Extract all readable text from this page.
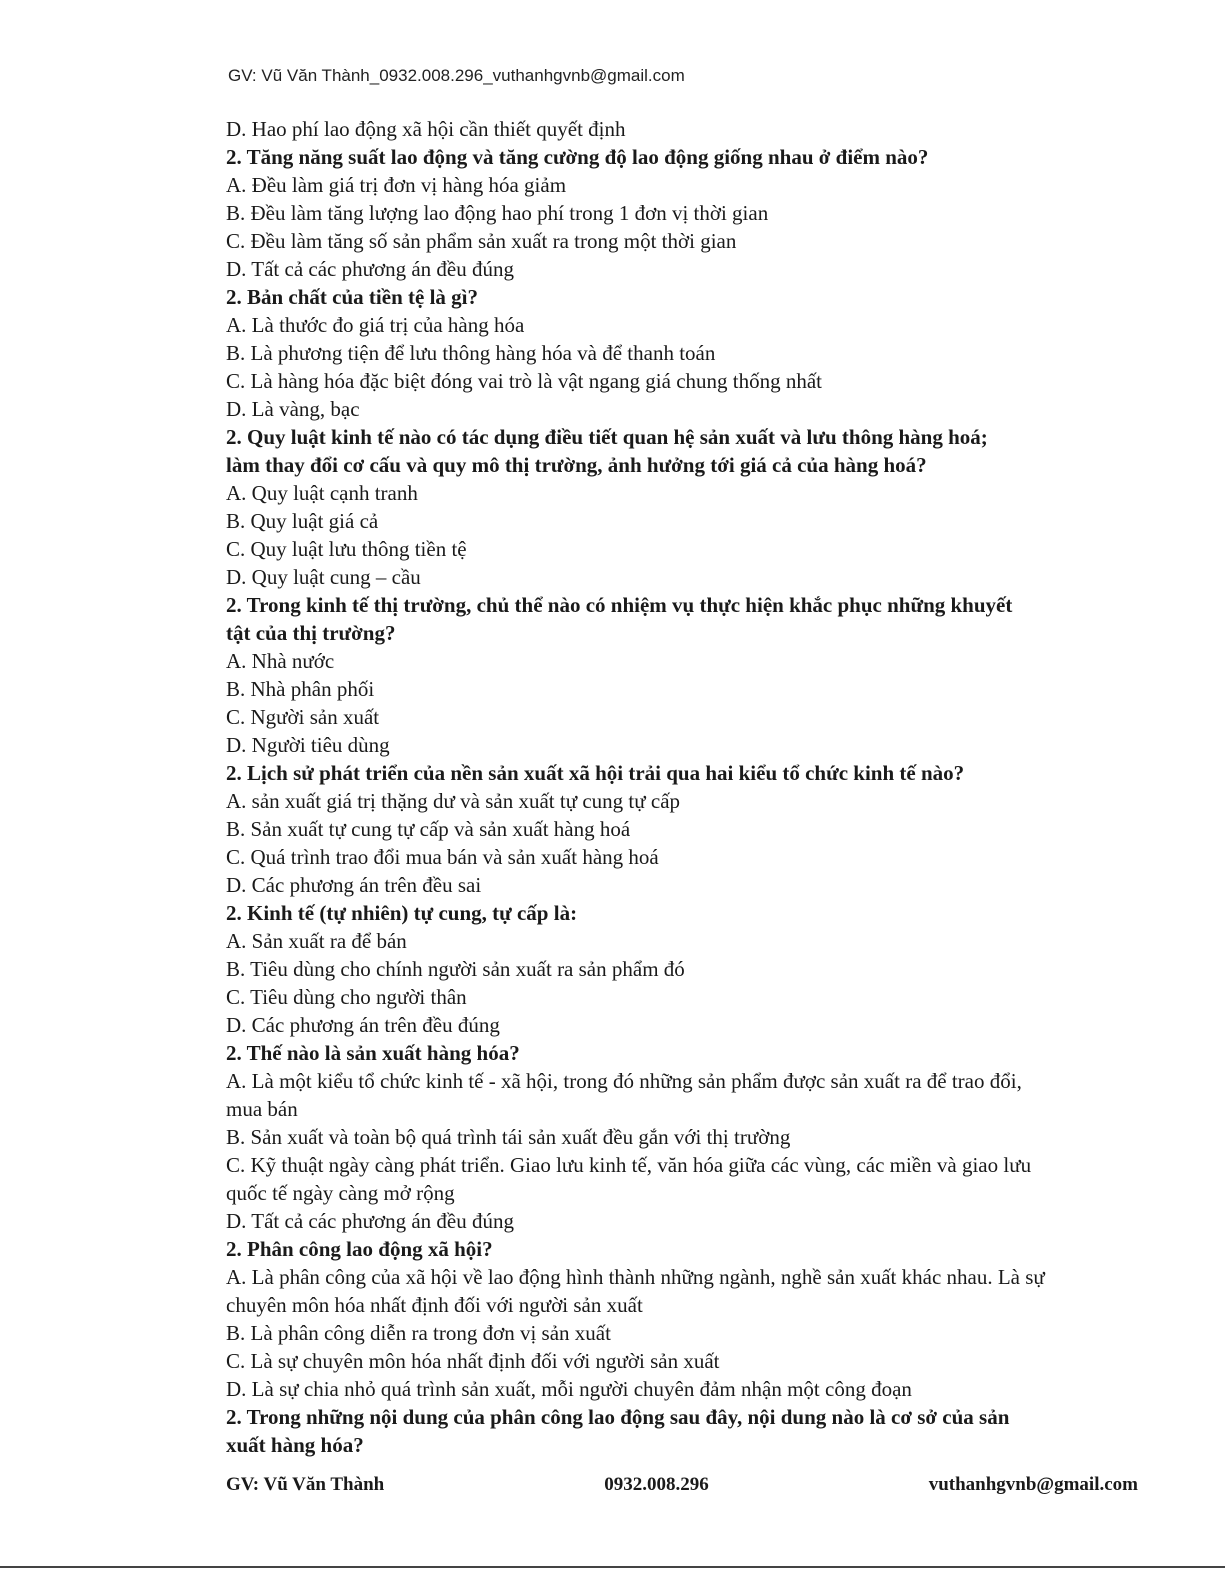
GV: Vũ Văn Thành_0932.008.296_vuthanhgvnb@gmail.com

D. Hao phí lao động xã hội cần thiết quyết định

2. Tăng năng suất lao động và tăng cường độ lao động giống nhau ở điểm nào?

A. Đều làm giá trị đơn vị hàng hóa giảm

B. Đều làm tăng lượng lao động hao phí trong 1 đơn vị thời gian

C. Đều làm tăng số sản phẩm sản xuất ra trong một thời gian

D. Tất cả các phương án đều đúng

2. Bản chất của tiền tệ là gì?

A. Là thước đo giá trị của hàng hóa

B. Là phương tiện để lưu thông hàng hóa và để thanh toán

C. Là hàng hóa đặc biệt đóng vai trò là vật ngang giá chung thống nhất

D. Là vàng, bạc

2. Quy luật kinh tế nào có tác dụng điều tiết quan hệ sản xuất và lưu thông hàng hoá;

làm thay đổi cơ cấu và quy mô thị trường, ảnh hưởng tới giá cả của hàng hoá?

A. Quy luật cạnh tranh

B. Quy luật giá cả

C. Quy luật lưu thông tiền tệ

D. Quy luật cung – cầu

2. Trong kinh tế thị trường, chủ thể nào có nhiệm vụ thực hiện khắc phục những khuyết

tật của thị trường?

A. Nhà nước

B. Nhà phân phối

C. Người sản xuất

D. Người tiêu dùng

2. Lịch sử phát triển của nền sản xuất xã hội trải qua hai kiểu tổ chức kinh tế nào?

A. sản xuất giá trị thặng dư và sản xuất tự cung tự cấp

B. Sản xuất tự cung tự cấp và sản xuất hàng hoá

C. Quá trình trao đổi mua bán và sản xuất hàng hoá

D. Các phương án trên đều sai

2. Kinh tế (tự nhiên) tự cung, tự cấp là:

A. Sản xuất ra để bán

B. Tiêu dùng cho chính người sản xuất ra sản phẩm đó

C. Tiêu dùng cho người thân

D. Các phương án trên đều đúng

2. Thế nào là sản xuất hàng hóa?

A. Là một kiểu tổ chức kinh tế - xã hội, trong đó những sản phẩm được sản xuất ra để trao đổi,

mua bán

B. Sản xuất và toàn bộ quá trình tái sản xuất đều gắn với thị trường

C. Kỹ thuật ngày càng phát triển. Giao lưu kinh tế, văn hóa giữa các vùng, các miền và giao lưu

quốc tế ngày càng mở rộng

D. Tất cả các phương án đều đúng

2. Phân công lao động xã hội?

A. Là phân công của xã hội về lao động hình thành những ngành, nghề sản xuất khác nhau. Là sự

chuyên môn hóa nhất định đối với người sản xuất

B. Là phân công diễn ra trong đơn vị sản xuất

C. Là sự chuyên môn hóa nhất định đối với người sản xuất

D. Là sự chia nhỏ quá trình sản xuất, mỗi người chuyên đảm nhận một công đoạn

2. Trong những nội dung của phân công lao động sau đây, nội dung nào là cơ sở của sản

xuất hàng hóa?

GV: Vũ Văn Thành	0932.008.296	vuthanhgvnb@gmail.com
